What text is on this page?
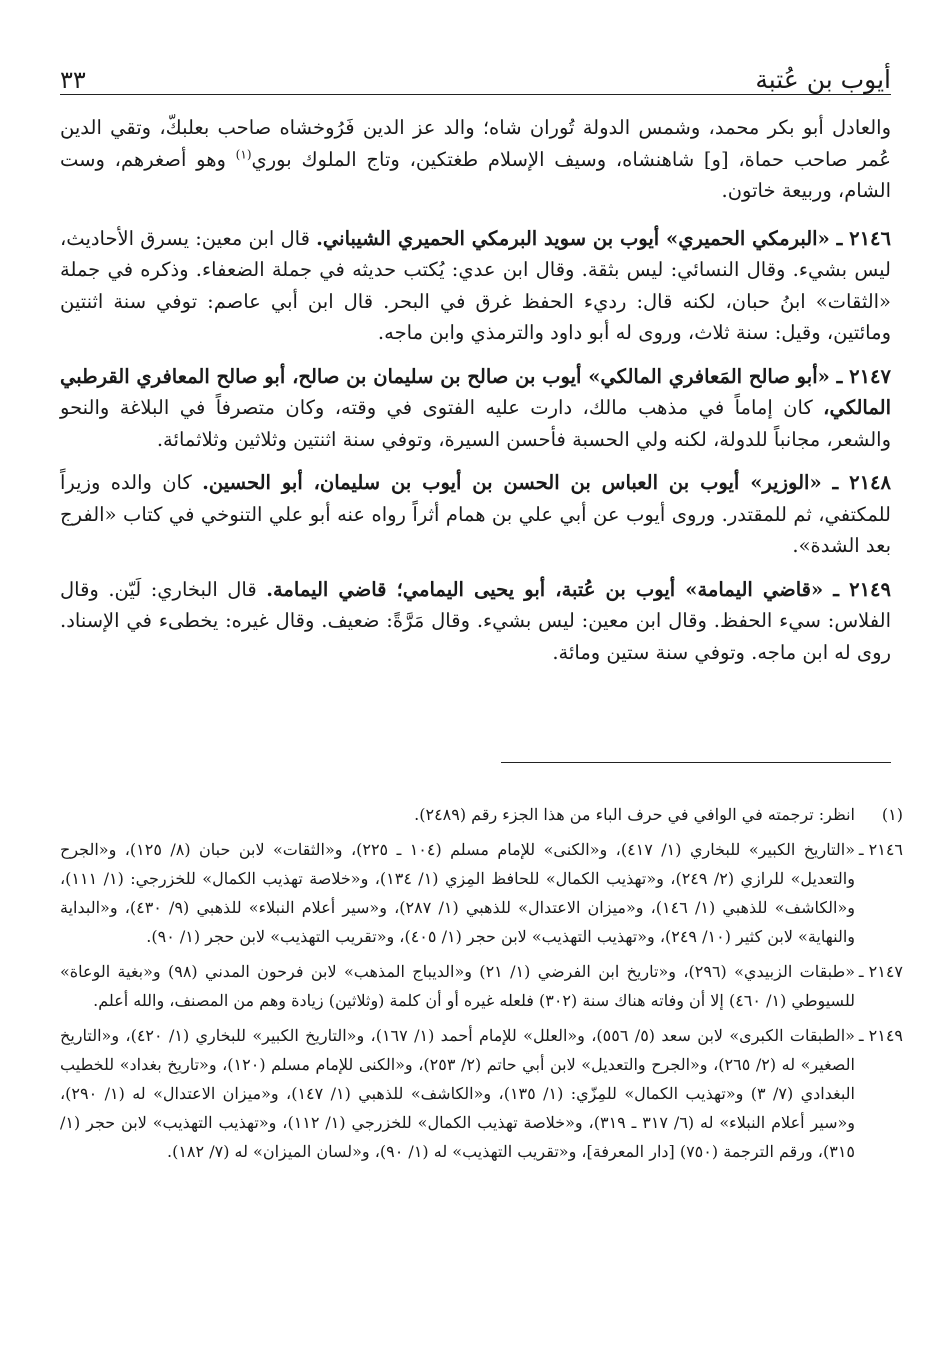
أيوب بن عُتبة
٣٣

والعادل أبو بكر محمد، وشمس الدولة تُوران شاه؛ والد عز الدين فَرُوخشاه صاحب بعلبكّ، وتقي الدين عُمر صاحب حماة، [و] شاهنشاه، وسيف الإسلام طغتكين، وتاج الملوك بوري$^{(١)}$ وهو أصغرهم، وست الشام، وربيعة خاتون.

٢١٤٦ ـ «البرمكي الحميري» أيوب بن سويد البرمكي الحميري الشيباني. قال ابن معين: يسرق الأحاديث، ليس بشيء. وقال النسائي: ليس بثقة. وقال ابن عدي: يُكتب حديثه في جملة الضعفاء. وذكره في جملة «الثقات» ابنُ حبان، لكنه قال: رديء الحفظ غرق في البحر. قال ابن أبي عاصم: توفي سنة اثنتين ومائتين، وقيل: سنة ثلاث، وروى له أبو داود والترمذي وابن ماجه.

٢١٤٧ ـ «أبو صالح المَعافري المالكي» أيوب بن صالح بن سليمان بن صالح، أبو صالح المعافري القرطبي المالكي، كان إماماً في مذهب مالك، دارت عليه الفتوى في وقته، وكان متصرفاً في البلاغة والنحو والشعر، مجانباً للدولة، لكنه ولي الحسبة فأحسن السيرة، وتوفي سنة اثنتين وثلاثين وثلاثمائة.

٢١٤٨ ـ «الوزير» أيوب بن العباس بن الحسن بن أيوب بن سليمان، أبو الحسين. كان والده وزيراً للمكتفي، ثم للمقتدر. وروى أيوب عن أبي علي بن همام أثراً رواه عنه أبو علي التنوخي في كتاب «الفرج بعد الشدة».

٢١٤٩ ـ «قاضي اليمامة» أيوب بن عُتبة، أبو يحيى اليمامي؛ قاضي اليمامة. قال البخاري: لَيّن. وقال الفلاس: سيء الحفظ. وقال ابن معين: ليس بشيء. وقال مَرَّةً: ضعيف. وقال غيره: يخطىء في الإسناد. روى له ابن ماجه. وتوفي سنة ستين ومائة.

(١)
انظر: ترجمته في الوافي في حرف الباء من هذا الجزء رقم (٢٤٨٩).
٢١٤٦ ـ
«التاريخ الكبير» للبخاري (١/ ٤١٧)، و«الكنى» للإمام مسلم (١٠٤ ـ ٢٢٥)، و«الثقات» لابن حبان (٨/ ١٢٥)، و«الجرح والتعديل» للرازي (٢/ ٢٤٩)، و«تهذيب الكمال» للحافظ المِزي (١/ ١٣٤)، و«خلاصة تهذيب الكمال» للخزرجي: (١/ ١١١)، و«الكاشف» للذهبي (١/ ١٤٦)، و«ميزان الاعتدال» للذهبي (١/ ٢٨٧)، و«سير أعلام النبلاء» للذهبي (٩/ ٤٣٠)، و«البداية والنهاية» لابن كثير (١٠/ ٢٤٩)، و«تهذيب التهذيب» لابن حجر (١/ ٤٠٥)، و«تقريب التهذيب» لابن حجر (١/ ٩٠).
٢١٤٧ ـ
«طبقات الزبيدي» (٢٩٦)، و«تاريخ ابن الفرضي (١/ ٢١) و«الديباج المذهب» لابن فرحون المدني (٩٨) و«بغية الوعاة» للسيوطي (١/ ٤٦٠) إلا أن وفاته هناك سنة (٣٠٢) فلعله غيره أو أن كلمة (وثلاثين) زيادة وهم من المصنف، والله أعلم.
٢١٤٩ ـ
«الطبقات الكبرى» لابن سعد (٥/ ٥٥٦)، و«العلل» للإمام أحمد (١/ ١٦٧)، و«التاريخ الكبير» للبخاري (١/ ٤٢٠)، و«التاريخ الصغير» له (٢/ ٢٦٥)، و«الجرح والتعديل» لابن أبي حاتم (٢/ ٢٥٣)، و«الكنى للإمام مسلم (١٢٠)، و«تاريخ بغداد» للخطيب البغدادي (٧/ ٣) و«تهذيب الكمال» للمِزّي: (١/ ١٣٥)، و«الكاشف» للذهبي (١/ ١٤٧)، و«ميزان الاعتدال» له (١/ ٢٩٠)، و«سير أعلام النبلاء» له (٦/ ٣١٧ ـ ٣١٩)، و«خلاصة تهذيب الكمال» للخزرجي (١/ ١١٢)، و«تهذيب التهذيب» لابن حجر (١/ ٣١٥)، ورقم الترجمة (٧٥٠) [دار المعرفة]، و«تقريب التهذيب» له (١/ ٩٠)، و«لسان الميزان» له (٧/ ١٨٢).
